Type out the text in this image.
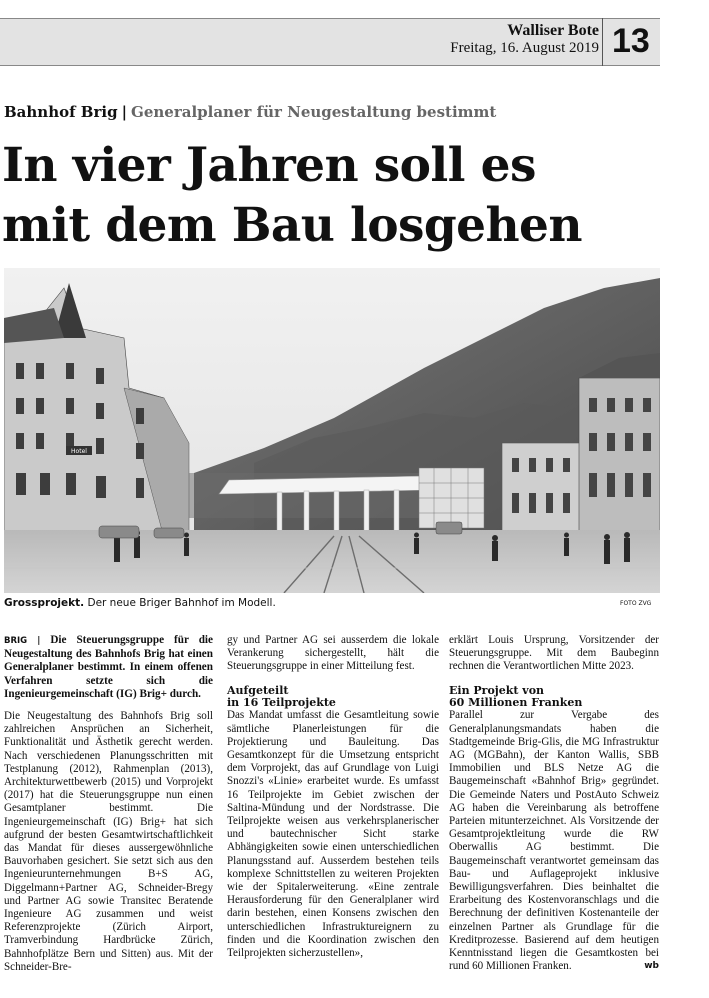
Walliser Bote
Freitag, 16. August 2019 13
Bahnhof Brig | Generalplaner für Neugestaltung bestimmt
In vier Jahren soll es
mit dem Bau losgehen
Hotel
Grossprojekt. Der neue Briger Bahnhof im Modell.	FOTO ZVG

BRIG | Die Steuerungsgruppe für die Neugestaltung des Bahnhofs Brig hat einen Generalplaner bestimmt. In einem offenen Verfahren setzte sich die Ingenieurgemeinschaft (IG) Brig+ durch.

Die Neugestaltung des Bahnhofs Brig soll zahlreichen Ansprüchen an Sicherheit, Funktionalität und Ästhetik gerecht werden. Nach verschiedenen Planungsschritten mit Testplanung (2012), Rahmenplan (2013), Architekturwettbewerb (2015) und Vorprojekt (2017) hat die Steuerungsgruppe nun einen Gesamtplaner bestimmt. Die Ingenieurgemeinschaft (IG) Brig+ hat sich aufgrund der besten Gesamtwirtschaftlichkeit das Mandat für dieses aussergewöhnliche Bauvorhaben gesichert. Sie setzt sich aus den Ingenieurunternehmungen B+S AG, Diggelmann+Partner AG, Schneider-Bregy und Partner AG sowie Transitec Beratende Ingenieure AG zusammen und weist Referenzprojekte (Zürich Airport, Tramverbindung Hardbrücke Zürich, Bahnhofplätze Bern und Sitten) aus. Mit der Schneider-Bre-

gy und Partner AG sei ausserdem die lokale Verankerung sichergestellt, hält die Steuerungsgruppe in einer Mitteilung fest.

Aufgeteilt
in 16 Teilprojekte

Das Mandat umfasst die Gesamtleitung sowie sämtliche Planerleistungen für die Projektierung und Bauleitung. Das Gesamtkonzept für die Umsetzung entspricht dem Vorprojekt, das auf Grundlage von Luigi Snozzi's «Linie» erarbeitet wurde. Es umfasst 16 Teilprojekte im Gebiet zwischen der Saltina-Mündung und der Nordstrasse. Die Teilprojekte weisen aus verkehrsplanerischer und bautechnischer Sicht starke Abhängigkeiten sowie einen unterschiedlichen Planungsstand auf. Ausserdem bestehen teils komplexe Schnittstellen zu weiteren Projekten wie der Spitalerweiterung. «Eine zentrale Herausforderung für den Generalplaner wird darin bestehen, einen Konsens zwischen den unterschiedlichen Infrastruktureignern zu finden und die Koordination zwischen den Teilprojekten sicherzustellen»,

erklärt Louis Ursprung, Vorsitzender der Steuerungsgruppe. Mit dem Baubeginn rechnen die Verantwortlichen Mitte 2023.

Ein Projekt von
60 Millionen Franken

Parallel zur Vergabe des Generalplanungsmandats haben die Stadtgemeinde Brig-Glis, die MG Infrastruktur AG (MGBahn), der Kanton Wallis, SBB Immobilien und BLS Netze AG die Baugemeinschaft «Bahnhof Brig» gegründet. Die Gemeinde Naters und PostAuto Schweiz AG haben die Vereinbarung als betroffene Parteien mitunterzeichnet. Als Vorsitzende der Gesamtprojektleitung wurde die RW Oberwallis AG bestimmt. Die Baugemeinschaft verantwortet gemeinsam das Bau- und Auflageprojekt inklusive Bewilligungsverfahren. Dies beinhaltet die Erarbeitung des Kostenvoranschlags und die Berechnung der definitiven Kostenanteile der einzelnen Partner als Grundlage für die Kreditprozesse. Basierend auf dem heutigen Kenntnisstand liegen die Gesamtkosten bei rund 60 Millionen Franken.	wb
